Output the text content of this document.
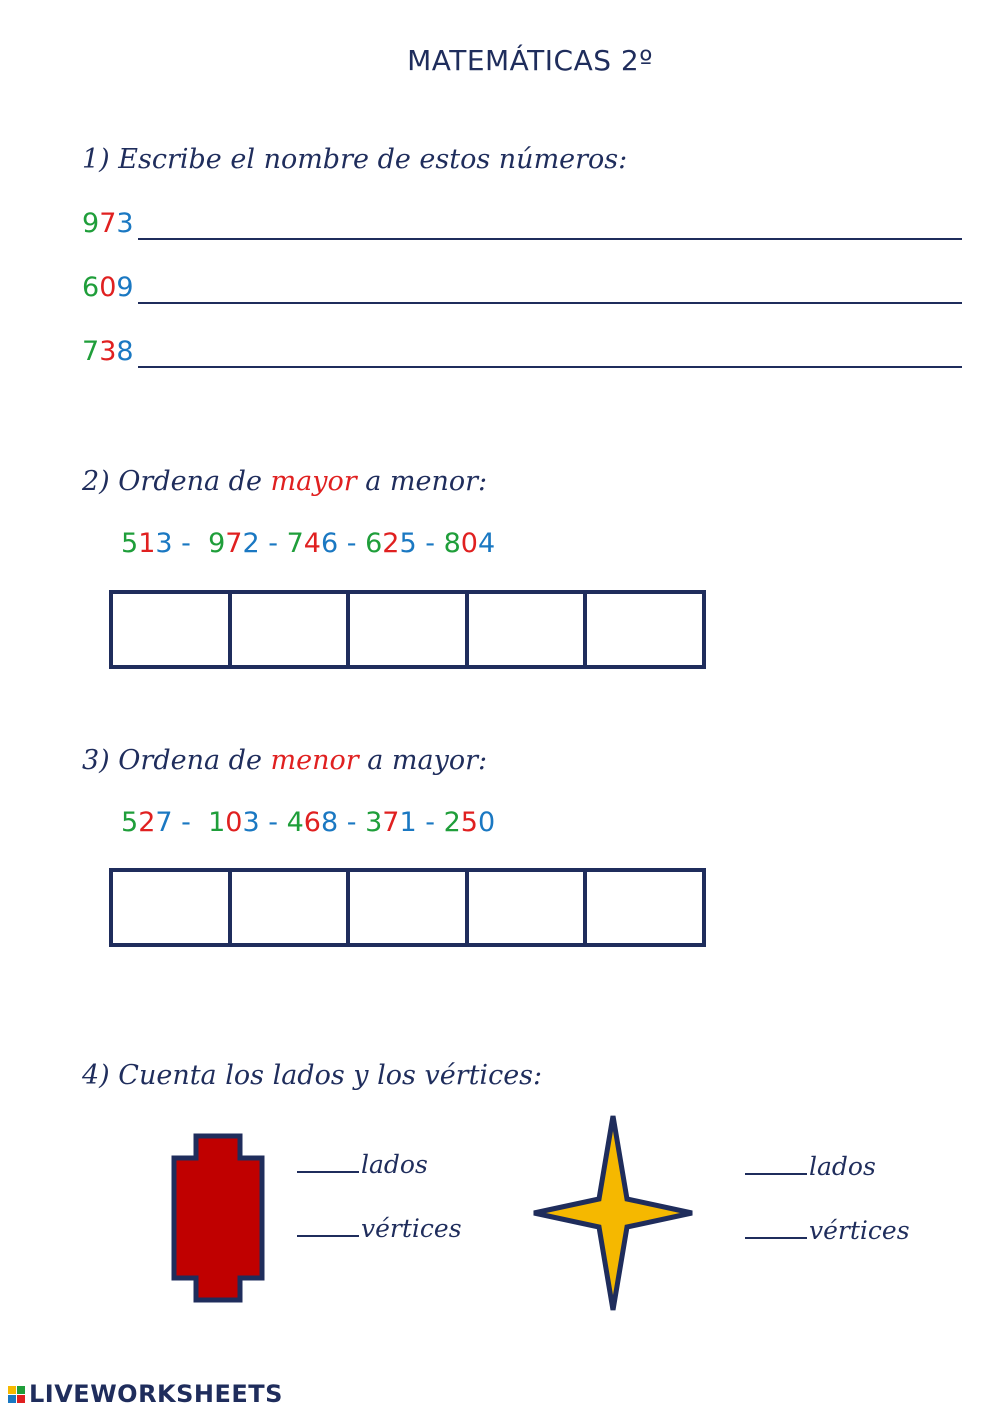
MATEMÁTICAS 2º
1) Escribe el nombre de estos números:
973
609
738
2) Ordena de mayor a menor:
513 - 972 - 746 - 625 - 804
3) Ordena de menor a mayor:
527 - 103 - 468 - 371 - 250
4) Cuenta los lados y los vértices:
lados
vértices
lados
vértices
LIVEWORKSHEETS
